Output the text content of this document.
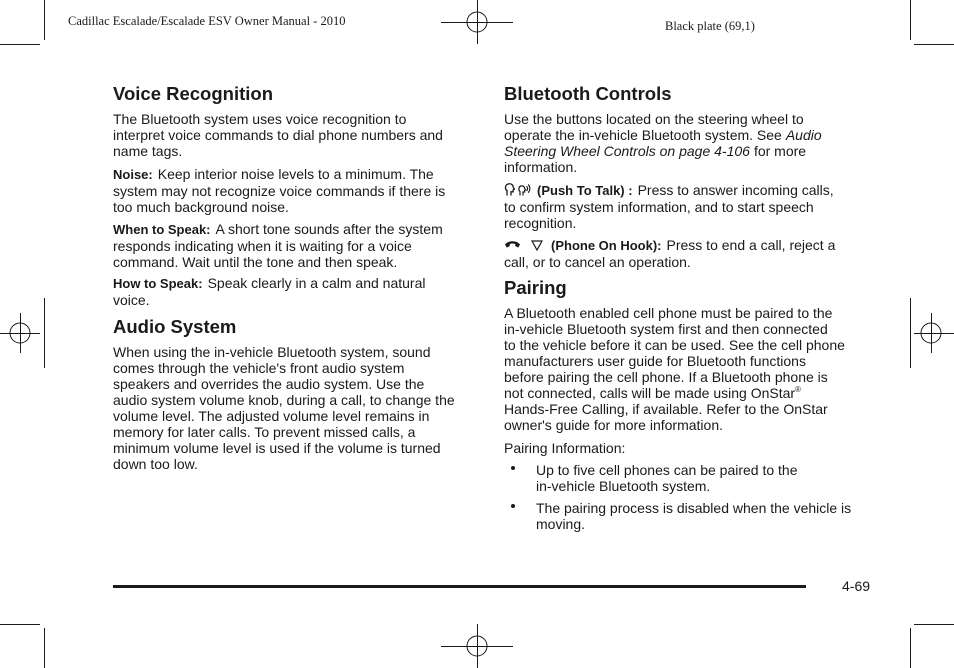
Cadillac Escalade/Escalade ESV Owner Manual - 2010	Black plate (69,1)
Voice Recognition
The Bluetooth system uses voice recognition to
interpret voice commands to dial phone numbers and
name tags.
Noise: Keep interior noise levels to a minimum. The
system may not recognize voice commands if there is
too much background noise.
When to Speak: A short tone sounds after the system
responds indicating when it is waiting for a voice
command. Wait until the tone and then speak.
How to Speak: Speak clearly in a calm and natural
voice.
Audio System
When using the in-vehicle Bluetooth system, sound
comes through the vehicle's front audio system
speakers and overrides the audio system. Use the
audio system volume knob, during a call, to change the
volume level. The adjusted volume level remains in
memory for later calls. To prevent missed calls, a
minimum volume level is used if the volume is turned
down too low.
Bluetooth Controls
Use the buttons located on the steering wheel to
operate the in-vehicle Bluetooth system. See Audio
Steering Wheel Controls on page 4-106 for more
information.
(Push To Talk) : Press to answer incoming calls,
to confirm system information, and to start speech
recognition.
(Phone On Hook): Press to end a call, reject a
call, or to cancel an operation.
Pairing
A Bluetooth enabled cell phone must be paired to the
in-vehicle Bluetooth system first and then connected
to the vehicle before it can be used. See the cell phone
manufacturers user guide for Bluetooth functions
before pairing the cell phone. If a Bluetooth phone is
not connected, calls will be made using OnStar®
Hands-Free Calling, if available. Refer to the OnStar
owner's guide for more information.
Pairing Information:
Up to five cell phones can be paired to the
in-vehicle Bluetooth system.
The pairing process is disabled when the vehicle is
moving.
4-69
